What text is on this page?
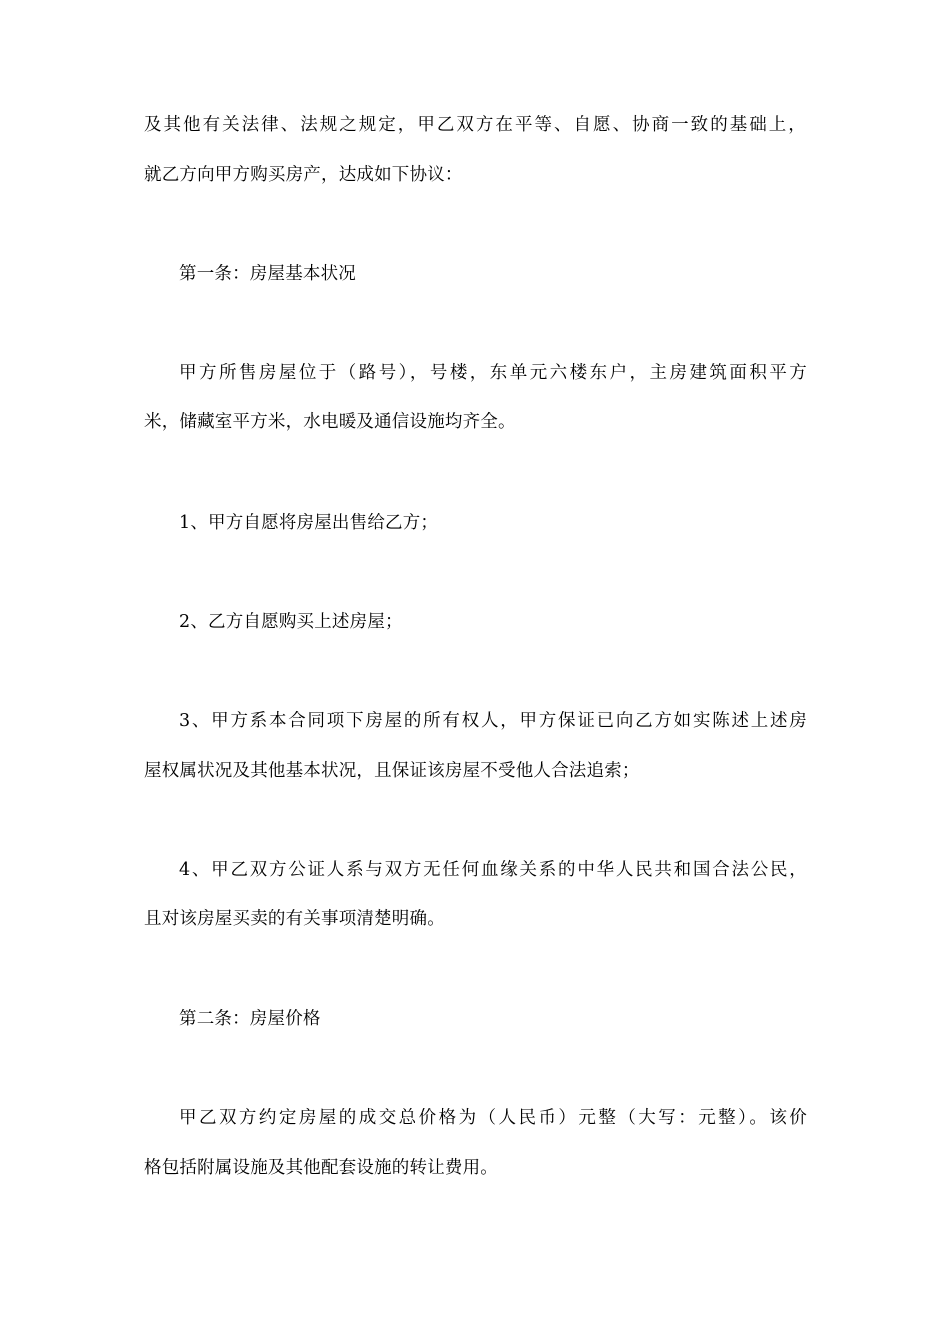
及其他有关法律、法规之规定，甲乙双方在平等、自愿、协商一致的基础上，

就乙方向甲方购买房产，达成如下协议：

第一条：房屋基本状况

甲方所售房屋位于（路号），号楼，东单元六楼东户，主房建筑面积平方

米，储藏室平方米，水电暖及通信设施均齐全。

1、甲方自愿将房屋出售给乙方；

2、乙方自愿购买上述房屋；

3、甲方系本合同项下房屋的所有权人，甲方保证已向乙方如实陈述上述房

屋权属状况及其他基本状况，且保证该房屋不受他人合法追索；

4、甲乙双方公证人系与双方无任何血缘关系的中华人民共和国合法公民，

且对该房屋买卖的有关事项清楚明确。

第二条：房屋价格

甲乙双方约定房屋的成交总价格为（人民币）元整（大写：元整）。该价

格包括附属设施及其他配套设施的转让费用。
